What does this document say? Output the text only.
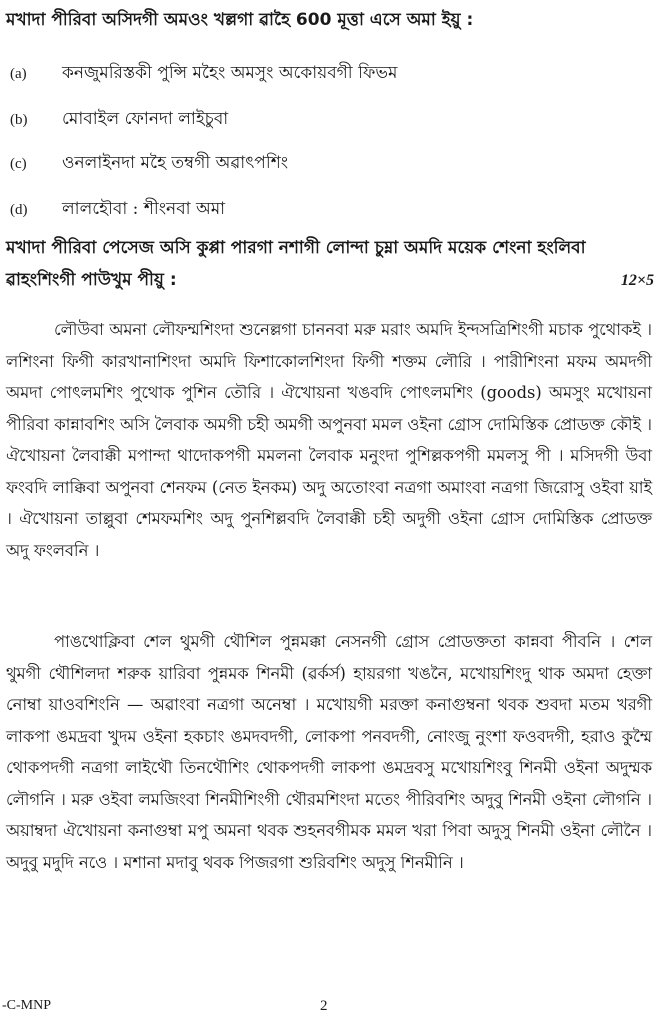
মখাদা পীরিবা অসিদগী অমওং খল্লগা ৱাহৈ 600 মূত্তা এসে অমা ইয়ু :
(a) কনজুমরিস্তকী পুন্সি মহৈং অমসুং অকোয়বগী ফিভম
(b) মোবাইল ফোনদা লাইচুবা
(c) ওনলাইনদা মহৈ তম্বগী অৱাৎপশিং
(d) লালহৌবা : শীংনবা অমা
মখাদা পীরিবা পেসেজ অসি কুপ্পা পারগা নশাগী লোন্দা চুম্না অমদি ময়েক শেংনা হংলিবা ৱাহংশিংগী পাউখুম পীয়ু :	12×5

লৌউবা অমনা লৌফম্মশিংদা শুনেল্লগা চাননবা মরু মরাং অমদি ইন্দসত্রিশিংগী মচাক পুথোকই । লশিংনা ফিগী কারখানাশিংদা অমদি ফিশাকোলশিংদা ফিগী শক্তম লৌরি । পারীশিংনা মফম অমদগী অমদা পোৎলমশিং পুথোক পুশিন তৌরি । ঐখোয়না খঙবদি পোৎলমশিং (goods) অমসুং মখোয়না পীরিবা কান্নাবশিং অসি লৈবাক অমগী চহী অমগী অপুনবা মমল ওইনা গ্রোস দোমিস্তিক প্রোডক্ত কৌই । ঐখোয়না লৈবাক্কী মপান্দা থাদোকপগী মমলনা লৈবাক মনুংদা পুশিল্লকপগী মমলসু পী । মসিদগী উবা ফংবদি লাক্কিবা অপুনবা শেনফম (নেত ইনকম) অদু অতোংবা নত্রগা অমাংবা নত্রগা জিরোসু ওইবা য়াই । ঐখোয়না তাল্লুবা শেমফমশিং অদু পুনশিল্লবদি লৈবাক্কী চহী অদুগী ওইনা গ্রোস দোমিস্তিক প্রোডক্ত অদু ফংলবনি ।

পাঙথোক্লিবা শেল থুমগী থৌশিল পুন্নমক্কা নেসনগী গ্রোস প্রোডক্ততা কান্নবা পীবনি । শেল থুমগী থৌশিলদা শরুক য়ারিবা পুন্নমক শিনমী (ৱর্কর্স) হায়রগা খঙনৈ, মখোয়শিংদু থাক অমদা হেক্তা নোম্বা য়াওবশিংনি — অৱাংবা নত্রগা অনেম্বা । মখোয়গী মরক্তা কনাগুম্বনা থবক শুবদা মতম খরগী লাকপা ঙমদ্রবা খুদম ওইনা হকচাং ঙমদবদগী, লোকপা পনবদগী, নোংজু নুংশা ফওবদগী, হরাও কুম্মৈ থোকপদগী নত্রগা লাইথৌ তিনথৌশিং থোকপদগী লাকপা ঙমদ্রবসু মখোয়শিংবু শিনমী ওইনা অদুম্মক লৌগনি । মরু ওইবা লমজিংবা শিনমীশিংগী থৌরমশিংদা মতেং পীরিবশিং অদুবু শিনমী ওইনা লৌগনি । অয়াম্বদা ঐখোয়না কনাগুম্বা মপু অমনা থবক শুহনবগীমক মমল খরা পিবা অদুসু শিনমী ওইনা লৌনৈ । অদুবু মদুদি নওে । মশানা মদাবু থবক পিজরগা শুরিবশিং অদুসু শিনমীনি ।

-C-MNP	2
